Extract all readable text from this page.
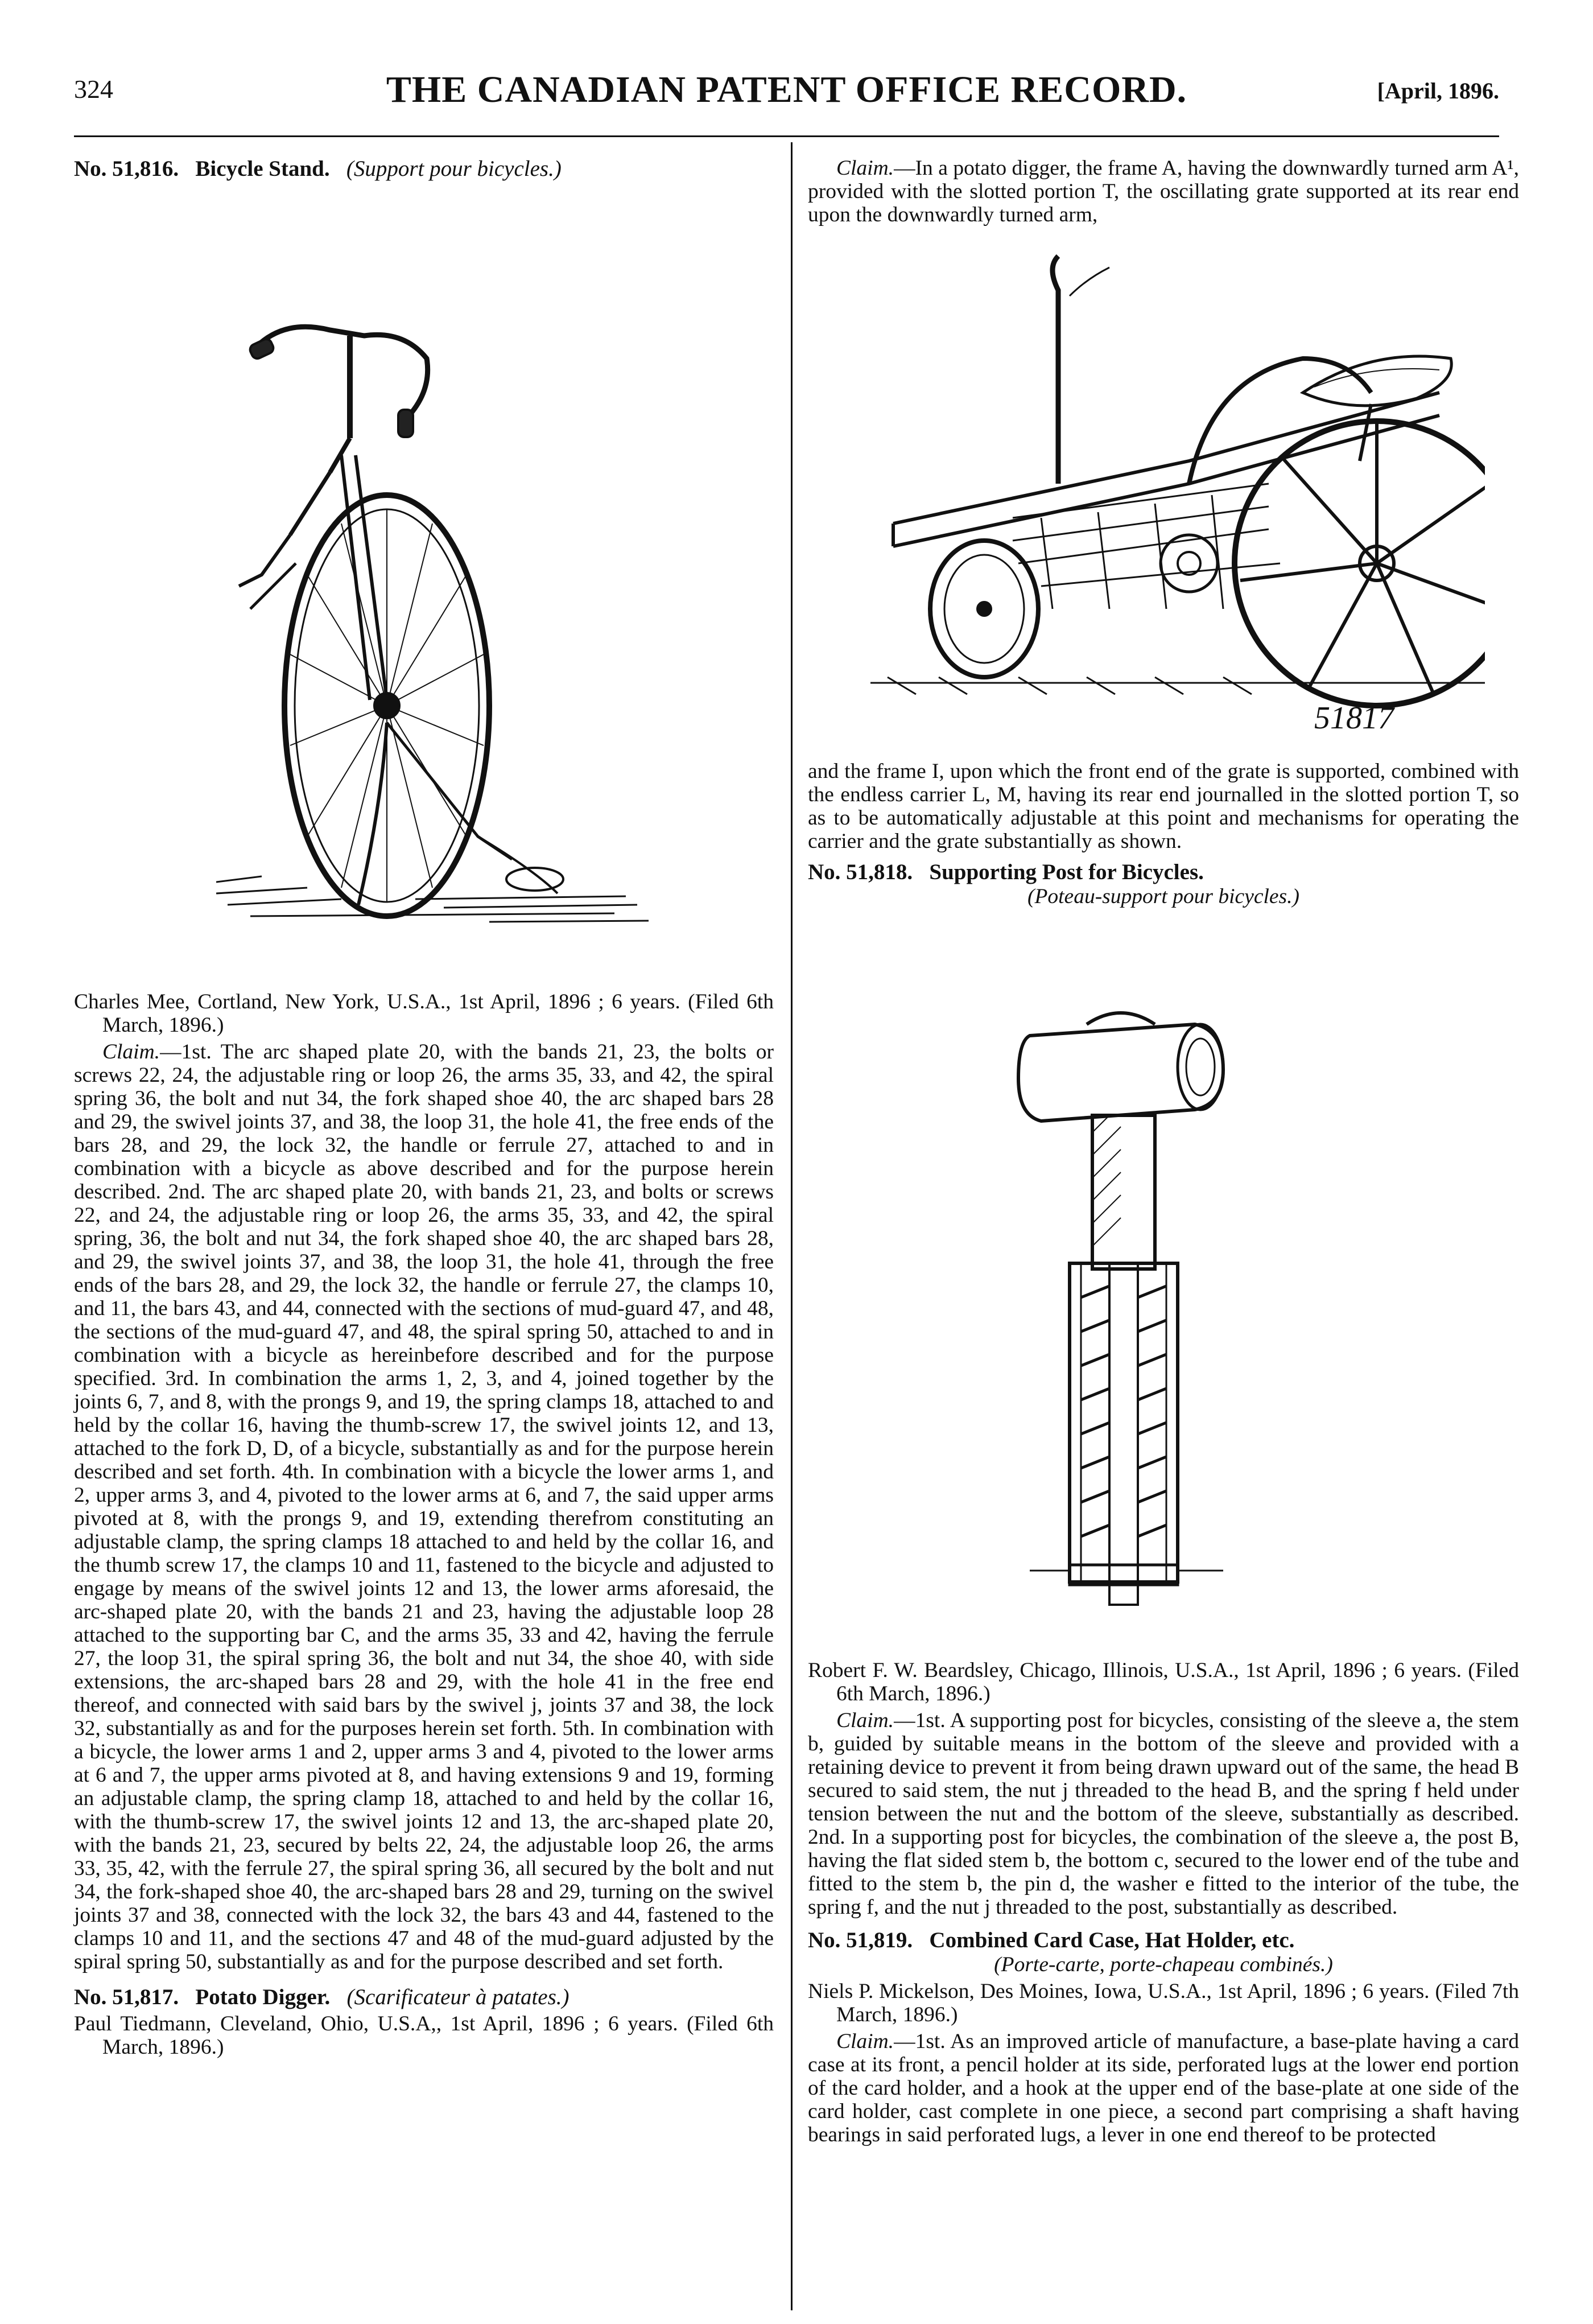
324	THE CANADIAN PATENT OFFICE RECORD.	[April, 1896.

No. 51,816. Bicycle Stand. (Support pour bicycles.)

Charles Mee, Cortland, New York, U.S.A., 1st April, 1896 ; 6 years. (Filed 6th March, 1896.)

Claim.—1st. The arc shaped plate 20, with the bands 21, 23, the bolts or screws 22, 24, the adjustable ring or loop 26, the arms 35, 33, and 42, the spiral spring 36, the bolt and nut 34, the fork shaped shoe 40, the arc shaped bars 28 and 29, the swivel joints 37, and 38, the loop 31, the hole 41, the free ends of the bars 28, and 29, the lock 32, the handle or ferrule 27, attached to and in combination with a bicycle as above described and for the purpose herein described. 2nd. The arc shaped plate 20, with bands 21, 23, and bolts or screws 22, and 24, the adjustable ring or loop 26, the arms 35, 33, and 42, the spiral spring, 36, the bolt and nut 34, the fork shaped shoe 40, the arc shaped bars 28, and 29, the swivel joints 37, and 38, the loop 31, the hole 41, through the free ends of the bars 28, and 29, the lock 32, the handle or ferrule 27, the clamps 10, and 11, the bars 43, and 44, connected with the sections of mud-guard 47, and 48, the sections of the mud-guard 47, and 48, the spiral spring 50, attached to and in combination with a bicycle as hereinbefore described and for the purpose specified. 3rd. In combination the arms 1, 2, 3, and 4, joined together by the joints 6, 7, and 8, with the prongs 9, and 19, the spring clamps 18, attached to and held by the collar 16, having the thumb-screw 17, the swivel joints 12, and 13, attached to the fork D, D, of a bicycle, substantially as and for the purpose herein described and set forth. 4th. In combination with a bicycle the lower arms 1, and 2, upper arms 3, and 4, pivoted to the lower arms at 6, and 7, the said upper arms pivoted at 8, with the prongs 9, and 19, extending therefrom constituting an adjustable clamp, the spring clamps 18 attached to and held by the collar 16, and the thumb screw 17, the clamps 10 and 11, fastened to the bicycle and adjusted to engage by means of the swivel joints 12 and 13, the lower arms aforesaid, the arc-shaped plate 20, with the bands 21 and 23, having the adjustable loop 28 attached to the supporting bar C, and the arms 35, 33 and 42, having the ferrule 27, the loop 31, the spiral spring 36, the bolt and nut 34, the shoe 40, with side extensions, the arc-shaped bars 28 and 29, with the hole 41 in the free end thereof, and connected with said bars by the swivel j, joints 37 and 38, the lock 32, substantially as and for the purposes herein set forth. 5th. In combination with a bicycle, the lower arms 1 and 2, upper arms 3 and 4, pivoted to the lower arms at 6 and 7, the upper arms pivoted at 8, and having extensions 9 and 19, forming an adjustable clamp, the spring clamp 18, attached to and held by the collar 16, with the thumb-screw 17, the swivel joints 12 and 13, the arc-shaped plate 20, with the bands 21, 23, secured by belts 22, 24, the adjustable loop 26, the arms 33, 35, 42, with the ferrule 27, the spiral spring 36, all secured by the bolt and nut 34, the fork-shaped shoe 40, the arc-shaped bars 28 and 29, turning on the swivel joints 37 and 38, connected with the lock 32, the bars 43 and 44, fastened to the clamps 10 and 11, and the sections 47 and 48 of the mud-guard adjusted by the spiral spring 50, substantially as and for the purpose described and set forth.

No. 51,817. Potato Digger. (Scarificateur à patates.)

Paul Tiedmann, Cleveland, Ohio, U.S.A,, 1st April, 1896 ; 6 years. (Filed 6th March, 1896.)

Claim.—In a potato digger, the frame A, having the downwardly turned arm A¹, provided with the slotted portion T, the oscillating grate supported at its rear end upon the downwardly turned arm,

51817

and the frame I, upon which the front end of the grate is supported, combined with the endless carrier L, M, having its rear end journalled in the slotted portion T, so as to be automatically adjustable at this point and mechanisms for operating the carrier and the grate substantially as shown.

No. 51,818. Supporting Post for Bicycles.

(Poteau-support pour bicycles.)

Robert F. W. Beardsley, Chicago, Illinois, U.S.A., 1st April, 1896 ; 6 years. (Filed 6th March, 1896.)

Claim.—1st. A supporting post for bicycles, consisting of the sleeve a, the stem b, guided by suitable means in the bottom of the sleeve and provided with a retaining device to prevent it from being drawn upward out of the same, the head B secured to said stem, the nut j threaded to the head B, and the spring f held under tension between the nut and the bottom of the sleeve, substantially as described. 2nd. In a supporting post for bicycles, the combination of the sleeve a, the post B, having the flat sided stem b, the bottom c, secured to the lower end of the tube and fitted to the stem b, the pin d, the washer e fitted to the interior of the tube, the spring f, and the nut j threaded to the post, substantially as described.

No. 51,819. Combined Card Case, Hat Holder, etc.

(Porte-carte, porte-chapeau combinés.)

Niels P. Mickelson, Des Moines, Iowa, U.S.A., 1st April, 1896 ; 6 years. (Filed 7th March, 1896.)

Claim.—1st. As an improved article of manufacture, a base-plate having a card case at its front, a pencil holder at its side, perforated lugs at the lower end portion of the card holder, and a hook at the upper end of the base-plate at one side of the card holder, cast complete in one piece, a second part comprising a shaft having bearings in said perforated lugs, a lever in one end thereof to be protected
